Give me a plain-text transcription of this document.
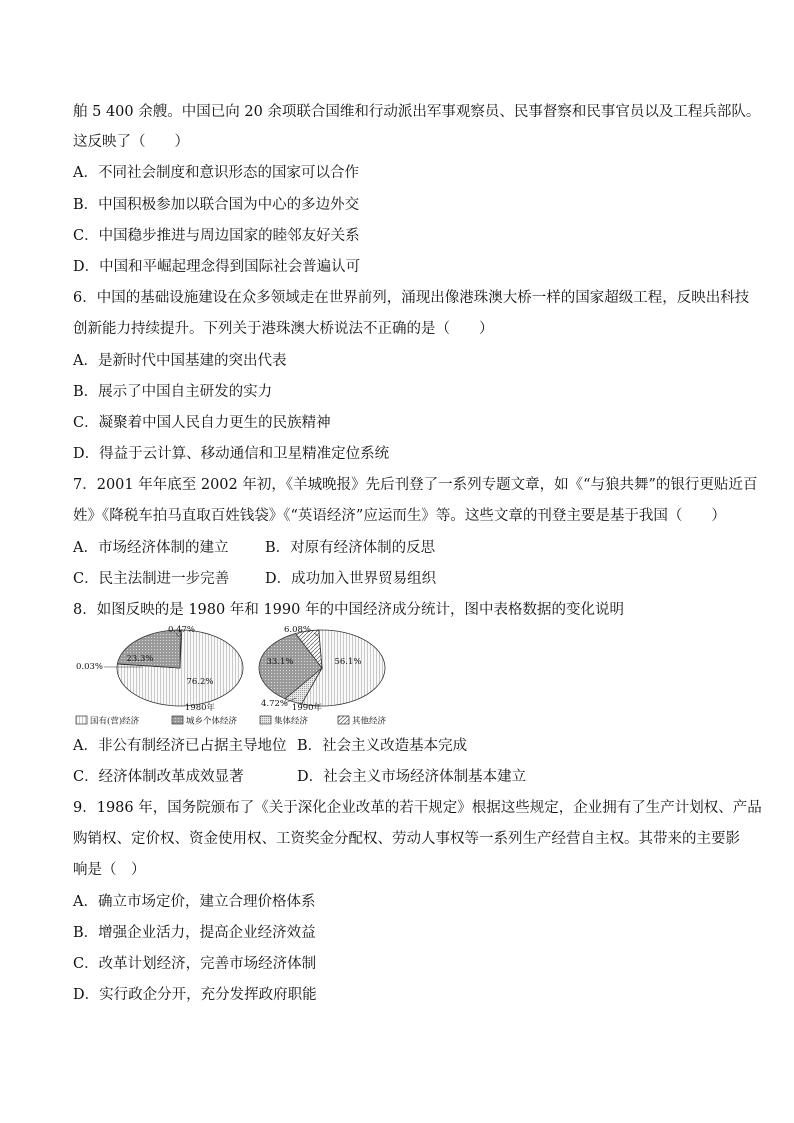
舶 5 400 余艘。中国已向 20 余项联合国维和行动派出军事观察员、民事督察和民事官员以及工程兵部队。
这反映了（　　）
A．不同社会制度和意识形态的国家可以合作
B．中国积极参加以联合国为中心的多边外交
C．中国稳步推进与周边国家的睦邻友好关系
D．中国和平崛起理念得到国际社会普遍认可
6．中国的基础设施建设在众多领域走在世界前列，涌现出像港珠澳大桥一样的国家超级工程，反映出科技
创新能力持续提升。下列关于港珠澳大桥说法不正确的是（　　）
A．是新时代中国基建的突出代表
B．展示了中国自主研发的实力
C．凝聚着中国人民自力更生的民族精神
D．得益于云计算、移动通信和卫星精准定位系统
7．2001 年年底至 2002 年初，《羊城晚报》先后刊登了一系列专题文章，如《“与狼共舞”的银行更贴近百
姓》《降税车拍马直取百姓钱袋》《“英语经济”应运而生》等。这些文章的刊登主要是基于我国（　　）
A．市场经济体制的建立	B．对原有经济体制的反思
C．民主法制进一步完善 D．成功加入世界贸易组织
8．如图反映的是 1980 年和 1990 年的中国经济成分统计，图中表格数据的变化说明
76.2%
23.3%
0.03%
0.47%
56.1%
33.1%
4.72%
6.08%
1980年	1990年
国有(营)经济	城乡个体经济	集体经济	其他经济
A．非公有制经济已占据主导地位 B．社会主义改造基本完成
C．经济体制改革成效显著	D．社会主义市场经济体制基本建立
9．1986 年，国务院颁布了《关于深化企业改革的若干规定》根据这些规定，企业拥有了生产计划权、产品
购销权、定价权、资金使用权、工资奖金分配权、劳动人事权等一系列生产经营自主权。其带来的主要影
响是（　）
A．确立市场定价，建立合理价格体系
B．增强企业活力，提高企业经济效益
C．改革计划经济，完善市场经济体制
D．实行政企分开，充分发挥政府职能
